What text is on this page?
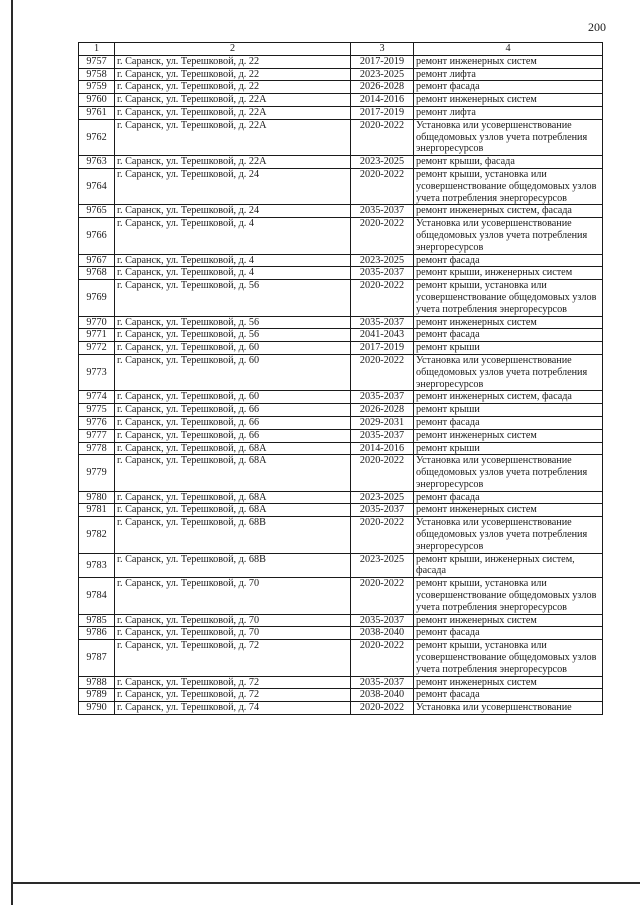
200
1	2	3	4
9757	г. Саранск, ул. Терешковой, д. 22	2017-2019	ремонт инженерных систем
9758	г. Саранск, ул. Терешковой, д. 22	2023-2025	ремонт лифта
9759	г. Саранск, ул. Терешковой, д. 22	2026-2028	ремонт фасада
9760	г. Саранск, ул. Терешковой, д. 22А	2014-2016	ремонт инженерных систем
9761	г. Саранск, ул. Терешковой, д. 22А	2017-2019	ремонт лифта
9762	г. Саранск, ул. Терешковой, д. 22А	2020-2022	Установка или усовершенствование общедомовых узлов учета потребления энергоресурсов
9763	г. Саранск, ул. Терешковой, д. 22А	2023-2025	ремонт крыши, фасада
9764	г. Саранск, ул. Терешковой, д. 24	2020-2022	ремонт крыши, установка или усовершенствование общедомовых узлов учета потребления энергоресурсов
9765	г. Саранск, ул. Терешковой, д. 24	2035-2037	ремонт инженерных систем, фасада
9766	г. Саранск, ул. Терешковой, д. 4	2020-2022	Установка или усовершенствование общедомовых узлов учета потребления энергоресурсов
9767	г. Саранск, ул. Терешковой, д. 4	2023-2025	ремонт фасада
9768	г. Саранск, ул. Терешковой, д. 4	2035-2037	ремонт крыши, инженерных систем
9769	г. Саранск, ул. Терешковой, д. 56	2020-2022	ремонт крыши, установка или усовершенствование общедомовых узлов учета потребления энергоресурсов
9770	г. Саранск, ул. Терешковой, д. 56	2035-2037	ремонт инженерных систем
9771	г. Саранск, ул. Терешковой, д. 56	2041-2043	ремонт фасада
9772	г. Саранск, ул. Терешковой, д. 60	2017-2019	ремонт крыши
9773	г. Саранск, ул. Терешковой, д. 60	2020-2022	Установка или усовершенствование общедомовых узлов учета потребления энергоресурсов
9774	г. Саранск, ул. Терешковой, д. 60	2035-2037	ремонт инженерных систем, фасада
9775	г. Саранск, ул. Терешковой, д. 66	2026-2028	ремонт крыши
9776	г. Саранск, ул. Терешковой, д. 66	2029-2031	ремонт фасада
9777	г. Саранск, ул. Терешковой, д. 66	2035-2037	ремонт инженерных систем
9778	г. Саранск, ул. Терешковой, д. 68А	2014-2016	ремонт крыши
9779	г. Саранск, ул. Терешковой, д. 68А	2020-2022	Установка или усовершенствование общедомовых узлов учета потребления энергоресурсов
9780	г. Саранск, ул. Терешковой, д. 68А	2023-2025	ремонт фасада
9781	г. Саранск, ул. Терешковой, д. 68А	2035-2037	ремонт инженерных систем
9782	г. Саранск, ул. Терешковой, д. 68В	2020-2022	Установка или усовершенствование общедомовых узлов учета потребления энергоресурсов
9783	г. Саранск, ул. Терешковой, д. 68В	2023-2025	ремонт крыши, инженерных систем, фасада
9784	г. Саранск, ул. Терешковой, д. 70	2020-2022	ремонт крыши, установка или усовершенствование общедомовых узлов учета потребления энергоресурсов
9785	г. Саранск, ул. Терешковой, д. 70	2035-2037	ремонт инженерных систем
9786	г. Саранск, ул. Терешковой, д. 70	2038-2040	ремонт фасада
9787	г. Саранск, ул. Терешковой, д. 72	2020-2022	ремонт крыши, установка или усовершенствование общедомовых узлов учета потребления энергоресурсов
9788	г. Саранск, ул. Терешковой, д. 72	2035-2037	ремонт инженерных систем
9789	г. Саранск, ул. Терешковой, д. 72	2038-2040	ремонт фасада
9790	г. Саранск, ул. Терешковой, д. 74	2020-2022	Установка или усовершенствование
